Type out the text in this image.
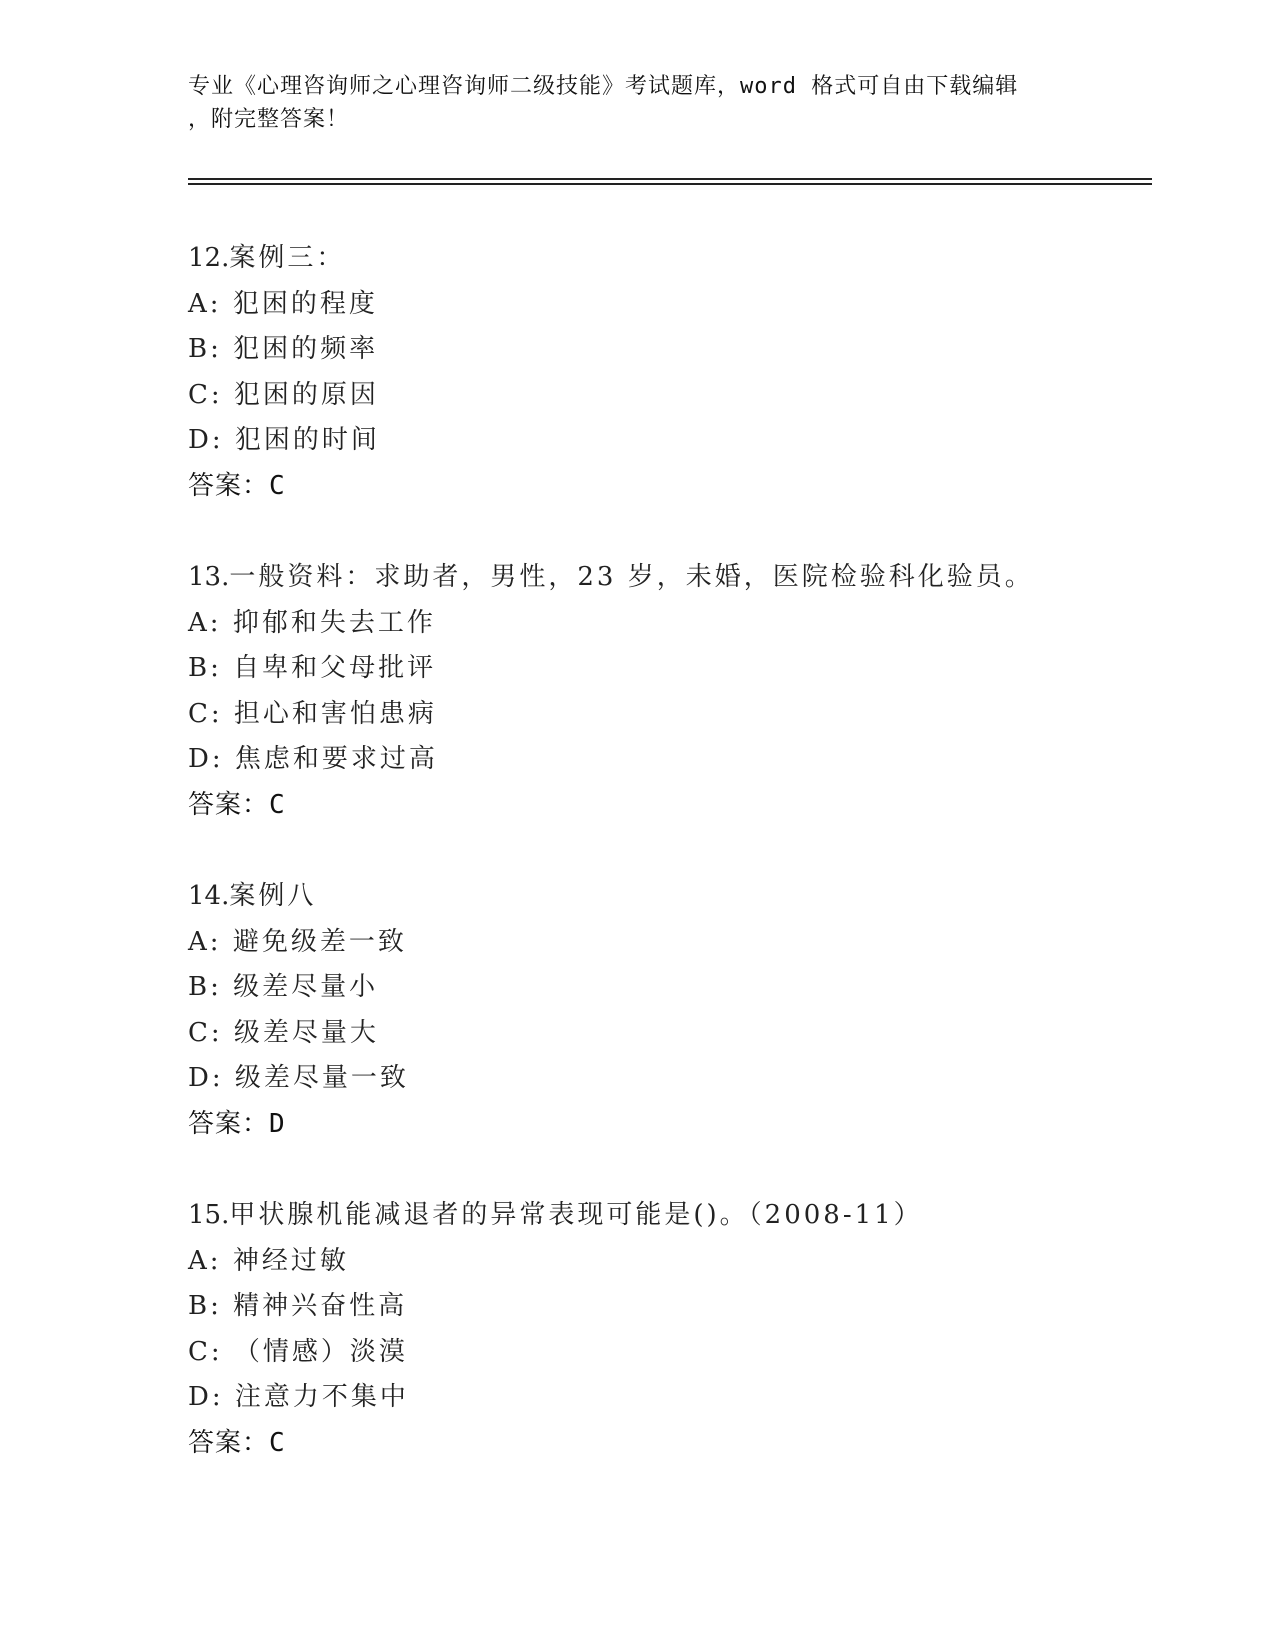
专业《心理咨询师之心理咨询师二级技能》考试题库，word 格式可自由下载编辑
，附完整答案！
12.案例三：
A: 犯困的程度
B: 犯困的频率
C: 犯困的原因
D: 犯困的时间
答案：C
13.一般资料：求助者，男性，23 岁，未婚，医院检验科化验员。
A: 抑郁和失去工作
B: 自卑和父母批评
C: 担心和害怕患病
D: 焦虑和要求过高
答案：C
14.案例八
A: 避免级差一致
B: 级差尽量小
C: 级差尽量大
D: 级差尽量一致
答案：D
15.甲状腺机能减退者的异常表现可能是()。（2008-11）
A: 神经过敏
B: 精神兴奋性高
C: （情感）淡漠
D: 注意力不集中
答案：C
